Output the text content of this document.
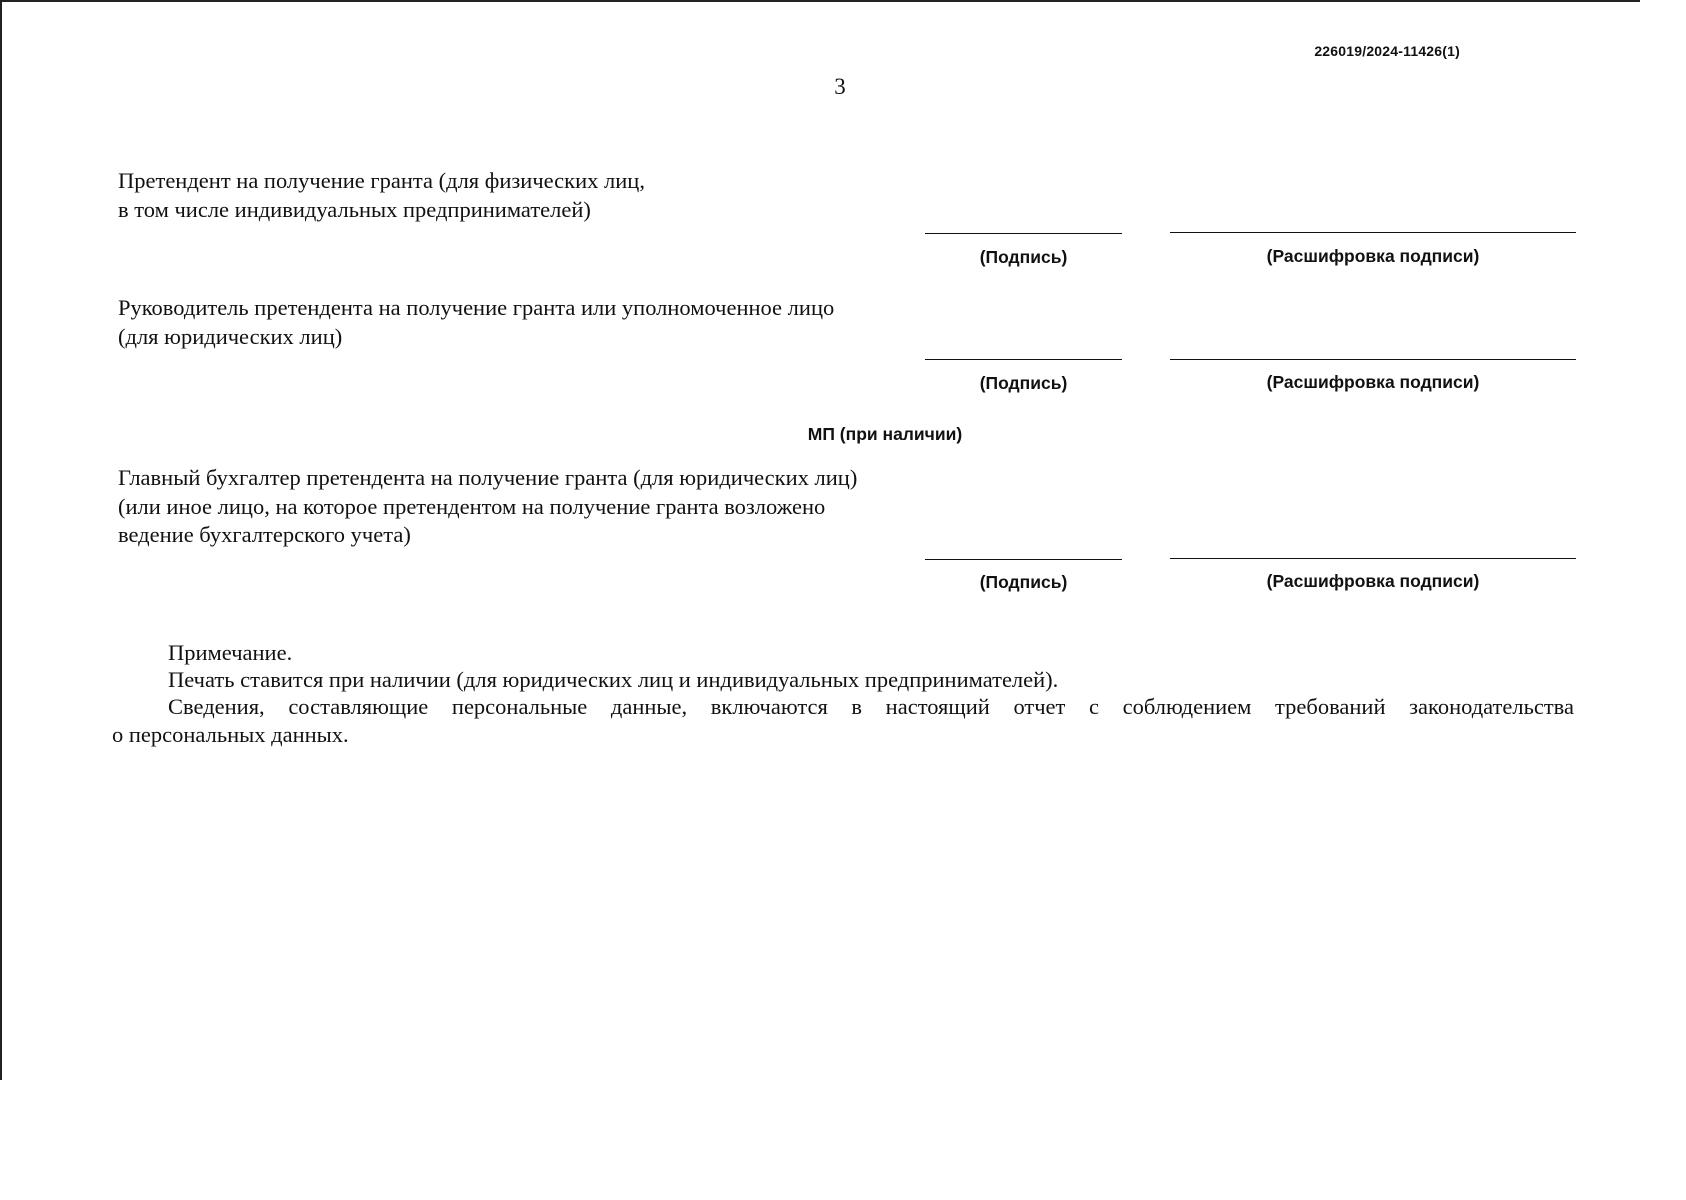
226019/2024-11426(1)
3
Претендент на получение гранта (для физических лиц,
в том числе индивидуальных предпринимателей)
(Подпись)	(Расшифровка подписи)
Руководитель претендента на получение гранта или уполномоченное лицо
(для юридических лиц)
(Подпись)	(Расшифровка подписи)
МП (при наличии)
Главный бухгалтер претендента на получение гранта (для юридических лиц)
(или иное лицо, на которое претендентом на получение гранта возложено
ведение бухгалтерского учета)
(Подпись)	(Расшифровка подписи)
Примечание.
Печать ставится при наличии (для юридических лиц и индивидуальных предпринимателей).
Сведения, составляющие персональные данные, включаются в настоящий отчет с соблюдением требований законодательства
о персональных данных.
